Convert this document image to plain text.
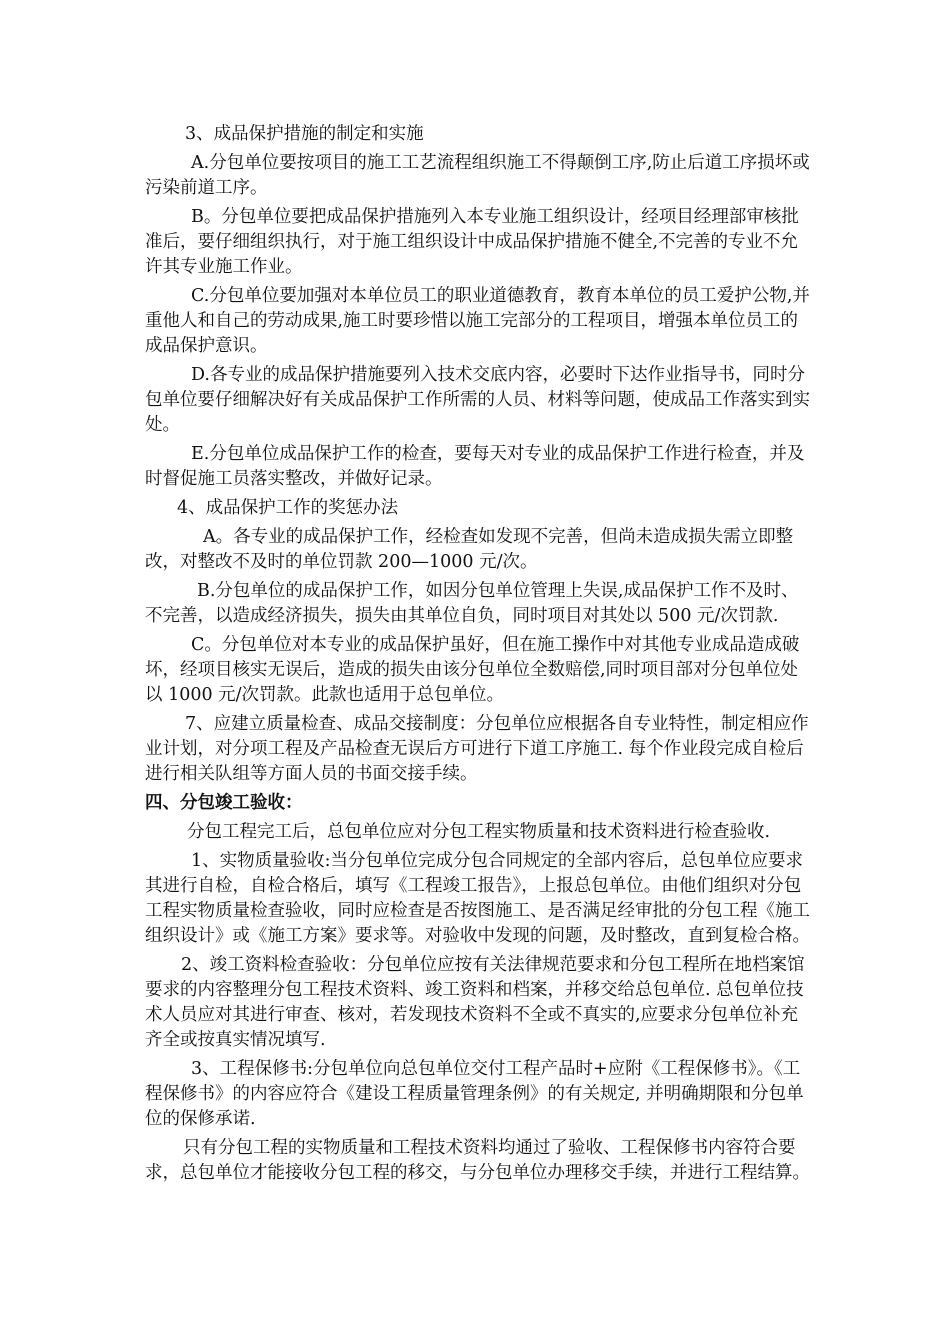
3、成品保护措施的制定和实施

A.分包单位要按项目的施工工艺流程组织施工不得颠倒工序,防止后道工序损坏或污染前道工序。

B。分包单位要把成品保护措施列入本专业施工组织设计，经项目经理部审核批准后，要仔细组织执行，对于施工组织设计中成品保护措施不健全,不完善的专业不允许其专业施工作业。

C.分包单位要加强对本单位员工的职业道德教育，教育本单位的员工爱护公物,并重他人和自己的劳动成果,施工时要珍惜以施工完部分的工程项目，增强本单位员工的成品保护意识。

D.各专业的成品保护措施要列入技术交底内容，必要时下达作业指导书，同时分包单位要仔细解决好有关成品保护工作所需的人员、材料等问题，使成品工作落实到实处。

E.分包单位成品保护工作的检查，要每天对专业的成品保护工作进行检查，并及时督促施工员落实整改，并做好记录。

4、成品保护工作的奖惩办法

A。各专业的成品保护工作，经检查如发现不完善，但尚未造成损失需立即整改，对整改不及时的单位罚款 200—1000 元/次。

B.分包单位的成品保护工作，如因分包单位管理上失误,成品保护工作不及时、不完善，以造成经济损失，损失由其单位自负，同时项目对其处以 500 元/次罚款.

C。分包单位对本专业的成品保护虽好，但在施工操作中对其他专业成品造成破坏，经项目核实无误后，造成的损失由该分包单位全数赔偿,同时项目部对分包单位处以 1000 元/次罚款。此款也适用于总包单位。

7、应建立质量检查、成品交接制度：分包单位应根据各自专业特性，制定相应作业计划，对分项工程及产品检查无误后方可进行下道工序施工. 每个作业段完成自检后进行相关队组等方面人员的书面交接手续。

四、分包竣工验收：

分包工程完工后，总包单位应对分包工程实物质量和技术资料进行检查验收.

1、实物质量验收:当分包单位完成分包合同规定的全部内容后，总包单位应要求其进行自检，自检合格后，填写《工程竣工报告》，上报总包单位。由他们组织对分包工程实物质量检查验收，同时应检查是否按图施工、是否满足经审批的分包工程《施工组织设计》或《施工方案》要求等。对验收中发现的问题，及时整改，直到复检合格。

2、竣工资料检查验收：分包单位应按有关法律规范要求和分包工程所在地档案馆要求的内容整理分包工程技术资料、竣工资料和档案，并移交给总包单位. 总包单位技术人员应对其进行审查、核对，若发现技术资料不全或不真实的,应要求分包单位补充齐全或按真实情况填写.

3、工程保修书:分包单位向总包单位交付工程产品时+应附《工程保修书》。《工程保修书》的内容应符合《建设工程质量管理条例》的有关规定, 并明确期限和分包单位的保修承诺.

只有分包工程的实物质量和工程技术资料均通过了验收、工程保修书内容符合要求，总包单位才能接收分包工程的移交，与分包单位办理移交手续，并进行工程结算。
